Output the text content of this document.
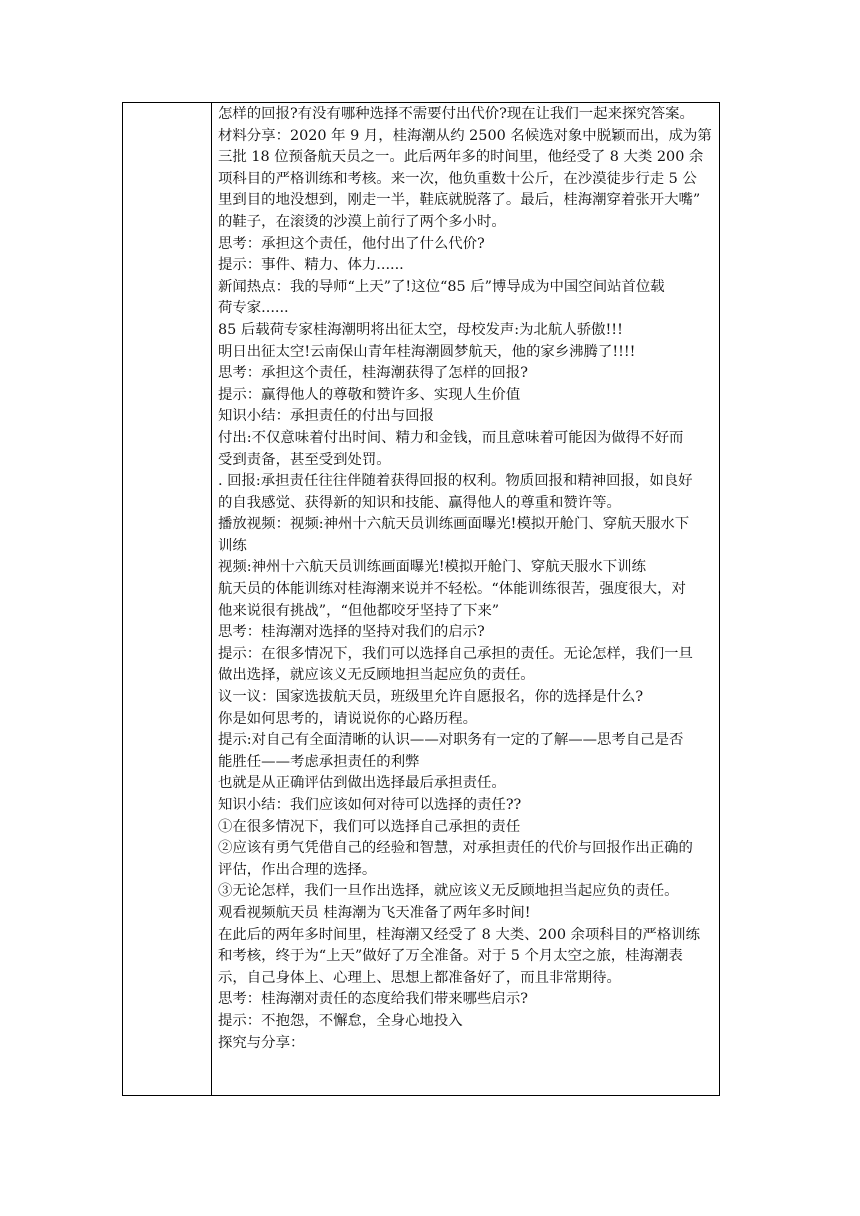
怎样的回报?有没有哪种选择不需要付出代价?现在让我们一起来探究答案。
材料分享：2020 年 9 月，桂海潮从约 2500 名候选对象中脱颖而出，成为第
三批 18 位预备航天员之一。此后两年多的时间里，他经受了 8 大类 200 余
项科目的严格训练和考核。来一次，他负重数十公斤，在沙漠徒步行走 5 公
里到目的地没想到，刚走一半，鞋底就脱落了。最后，桂海潮穿着张开大嘴”
的鞋子，在滚烫的沙漠上前行了两个多小时。
思考：承担这个责任，他付出了什么代价?
提示：事件、精力、体力......
新闻热点：我的导师“上天”了!这位“85 后”博导成为中国空间站首位载
荷专家......
85 后载荷专家桂海潮明将出征太空，母校发声:为北航人骄傲!!!
明日出征太空!云南保山青年桂海潮圆梦航天，他的家乡沸腾了!!!!
思考：承担这个责任，桂海潮获得了怎样的回报?
提示：赢得他人的尊敬和赞许多、实现人生价值
知识小结：承担责任的付出与回报
付出:不仅意味着付出时间、精力和金钱，而且意味着可能因为做得不好而
受到责备，甚至受到处罚。
. 回报:承担责任往往伴随着获得回报的权利。物质回报和精神回报，如良好
的自我感觉、获得新的知识和技能、赢得他人的尊重和赞许等。
播放视频：视频:神州十六航天员训练画面曝光!模拟开舱门、穿航天服水下
训练
视频:神州十六航天员训练画面曝光!模拟开舱门、穿航天服水下训练
航天员的体能训练对桂海潮来说并不轻松。“体能训练很苦，强度很大，对
他来说很有挑战”，“但他都咬牙坚持了下来”
思考：桂海潮对选择的坚持对我们的启示?
提示：在很多情况下，我们可以选择自己承担的责任。无论怎样，我们一旦
做出选择，就应该义无反顾地担当起应负的责任。
议一议：国家选拔航天员，班级里允许自愿报名，你的选择是什么?
你是如何思考的，请说说你的心路历程。
提示:对自己有全面清晰的认识——对职务有一定的了解——思考自己是否
能胜任——考虑承担责任的利弊
也就是从正确评估到做出选择最后承担责任。
知识小结：我们应该如何对待可以选择的责任??
①在很多情况下，我们可以选择自己承担的责任
②应该有勇气凭借自己的经验和智慧，对承担责任的代价与回报作出正确的
评估，作出合理的选择。
③无论怎样，我们一旦作出选择，就应该义无反顾地担当起应负的责任。
观看视频航天员 桂海潮为飞天准备了两年多时间!
在此后的两年多时间里，桂海潮又经受了 8 大类、200 余项科目的严格训练
和考核，终于为“上天”做好了万全准备。对于 5 个月太空之旅，桂海潮表
示，自己身体上、心理上、思想上都准备好了，而且非常期待。
思考：桂海潮对责任的态度给我们带来哪些启示?
提示：不抱怨，不懈怠，全身心地投入
探究与分享：
